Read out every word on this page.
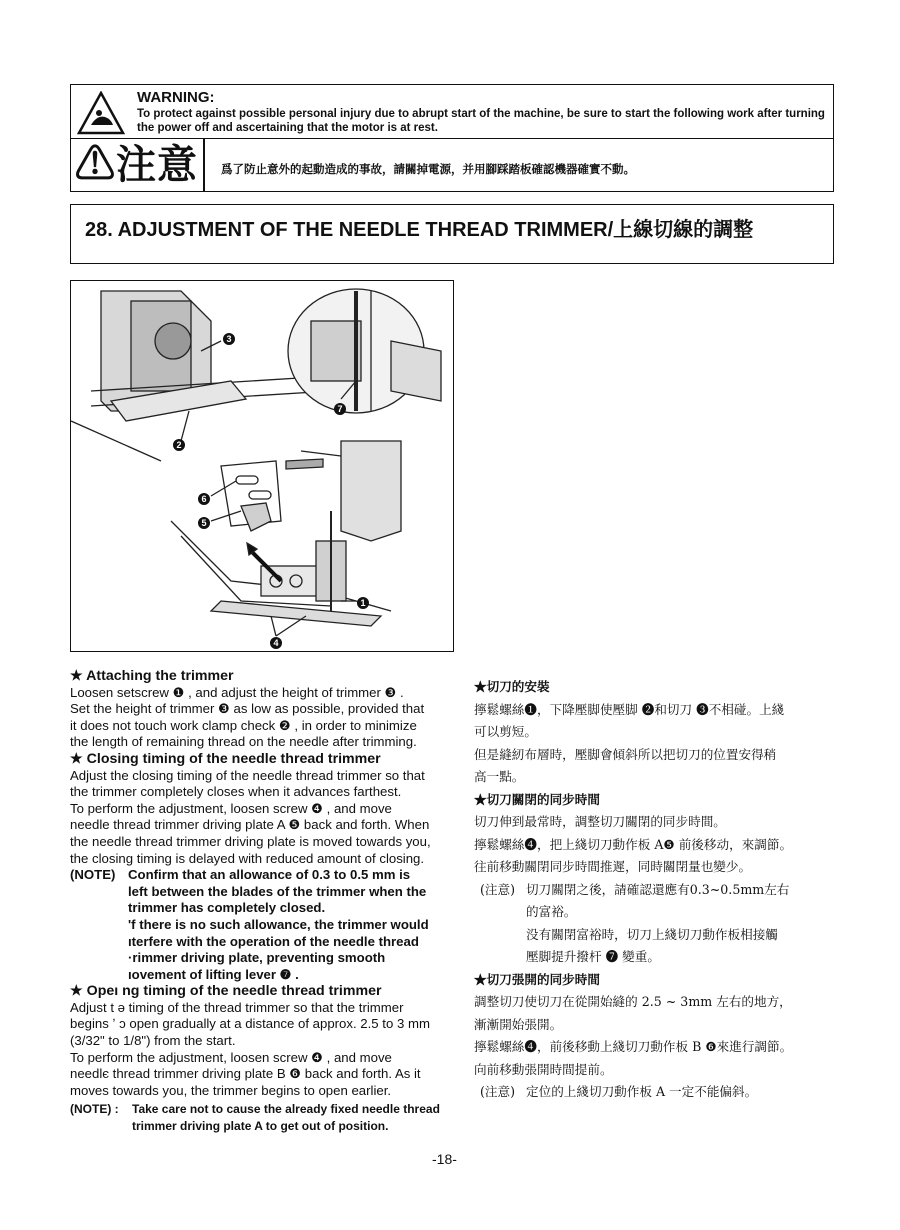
WARNING:
To protect against possible personal injury due to abrupt start of the machine, be sure to start the following work after turning the power off and ascertaining that the motor is at rest.
⚠注意 爲了防止意外的起動造成的事故，請關掉電源，并用腳踩踏板確認機器確實不動。
28. ADJUSTMENT OF THE NEEDLE THREAD TRIMMER/上線切線的調整
3
2
6
5
1
4
7
★ Attaching the trimmer
Loosen setscrew ❶ , and adjust the height of trimmer ❸ .
Set the height of trimmer ❸ as low as possible, provided that
it does not touch work clamp check ❷ , in order to minimize
the length of remaining thread on the needle after trimming.
★ Closing timing of the needle thread trimmer
Adjust the closing timing of the needle thread trimmer so that
the trimmer completely closes when it advances farthest.
To perform the adjustment, loosen screw ❹ , and move
needle thread trimmer driving plate A ❺ back and forth. When
the needle thread trimmer driving plate is moved towards you,
the closing timing is delayed with reduced amount of closing.
(NOTE) Confirm that an allowance of 0.3 to 0.5 mm is
left between the blades of the trimmer when the
trimmer has completely closed.
'f there is no such allowance, the trimmer would
ıterfere with the operation of the needle thread
·rimmer driving plate, preventing smooth
ıovement of lifting lever ❼ .
★ Opeı ng timing of the needle thread trimmer
Adjust t ə timing of the thread trimmer so that the trimmer
begins ʼ ɔ open gradually at a distance of approx. 2.5 to 3 mm
(3/32" to 1/8") from the start.
To perform the adjustment, loosen screw ❹ , and move
needlє thread trimmer driving plate B ❻ back and forth. As it
moves towards you, the trimmer begins to open earlier.
(NOTE) :	Take care not to cause the already fixed needle thread
trimmer driving plate A to get out of position.
★切刀的安裝
擰鬆螺絲❶，下降壓脚使壓脚 ❷和切刀 ❸不相碰。上綫
可以剪短。
但是縫紉布層時，壓脚會傾斜所以把切刀的位置安得稍
高一點。
★切刀關閉的同步時間
切刀伸到最常時，調整切刀關閉的同步時間。
擰鬆螺絲❹，把上綫切刀動作板 A❺ 前後移动，來調節。
往前移動關閉同步時間推遲，同時關閉量也變少。
(注意) 切刀關閉之後，請確認還應有0.3~0.5mm左右
的富裕。
没有關閉富裕時，切刀上綫切刀動作板相接觸
壓脚提升撥杆 ❼ 變重。
★切刀張開的同步時間
調整切刀使切刀在從開始縫的 2.5 ~ 3mm 左右的地方，
漸漸開始張開。
擰鬆螺絲❹，前後移動上綫切刀動作板 B ❻來進行調節。
向前移動張開時間提前。
(注意) 定位的上綫切刀動作板 A 一定不能偏斜。
-18-
